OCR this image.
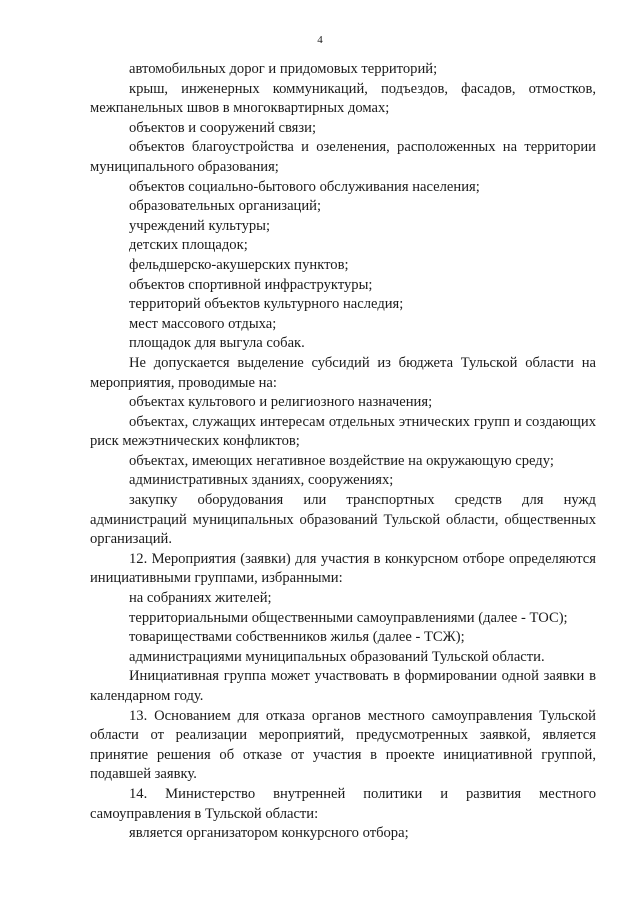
4

автомобильных дорог и придомовых территорий;

крыш, инженерных коммуникаций, подъездов, фасадов, отмостков, межпанельных швов в многоквартирных домах;

объектов и сооружений связи;

объектов благоустройства и озеленения, расположенных на территории муниципального образования;

объектов социально-бытового обслуживания населения;

образовательных организаций;

учреждений культуры;

детских площадок;

фельдшерско-акушерских пунктов;

объектов спортивной инфраструктуры;

территорий объектов культурного наследия;

мест массового отдыха;

площадок для выгула собак.

Не допускается выделение субсидий из бюджета Тульской области на мероприятия, проводимые на:

объектах культового и религиозного назначения;

объектах, служащих интересам отдельных этнических групп и создающих риск межэтнических конфликтов;

объектах, имеющих негативное воздействие на окружающую среду;

административных зданиях, сооружениях;

закупку оборудования или транспортных средств для нужд администраций муниципальных образований Тульской области, общественных организаций.

12. Мероприятия (заявки) для участия в конкурсном отборе определяются инициативными группами, избранными:

на собраниях жителей;

территориальными общественными самоуправлениями (далее - ТОС);

товариществами собственников жилья (далее - ТСЖ);

администрациями муниципальных образований Тульской области.

Инициативная группа может участвовать в формировании одной заявки в календарном году.

13. Основанием для отказа органов местного самоуправления Тульской области от реализации мероприятий, предусмотренных заявкой, является принятие решения об отказе от участия в проекте инициативной группой, подавшей заявку.

14. Министерство внутренней политики и развития местного самоуправления в Тульской области:

является организатором конкурсного отбора;
